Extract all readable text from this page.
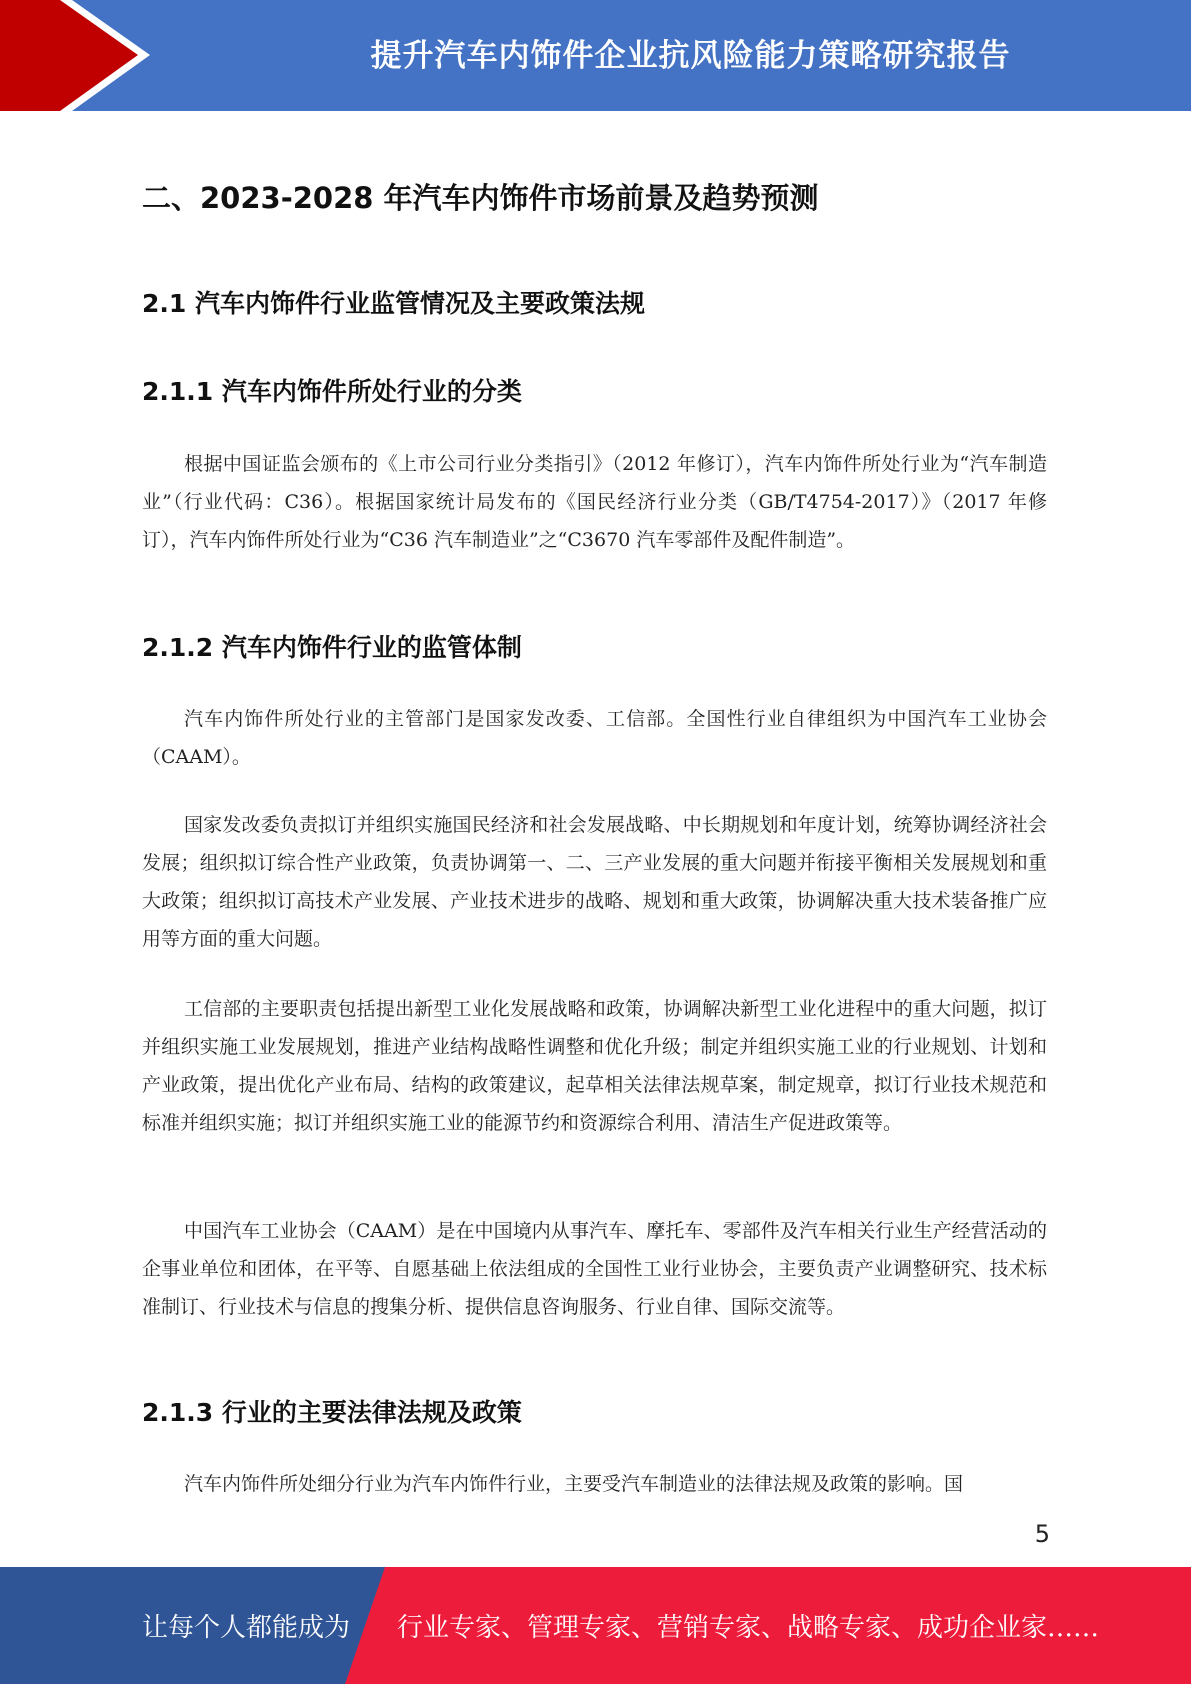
提升汽车内饰件企业抗风险能力策略研究报告
二、2023-2028 年汽车内饰件市场前景及趋势预测
2.1 汽车内饰件行业监管情况及主要政策法规
2.1.1 汽车内饰件所处行业的分类

根据中国证监会颁布的《上市公司行业分类指引》（2012 年修订），汽车内饰件所处行业为“汽车制造业”（行业代码：C36）。根据国家统计局发布的《国民经济行业分类（GB/T4754-2017）》（2017 年修订），汽车内饰件所处行业为“C36 汽车制造业”之“C3670 汽车零部件及配件制造”。

2.1.2 汽车内饰件行业的监管体制

汽车内饰件所处行业的主管部门是国家发改委、工信部。全国性行业自律组织为中国汽车工业协会（CAAM）。

国家发改委负责拟订并组织实施国民经济和社会发展战略、中长期规划和年度计划，统筹协调经济社会发展；组织拟订综合性产业政策，负责协调第一、二、三产业发展的重大问题并衔接平衡相关发展规划和重大政策；组织拟订高技术产业发展、产业技术进步的战略、规划和重大政策，协调解决重大技术装备推广应用等方面的重大问题。

工信部的主要职责包括提出新型工业化发展战略和政策，协调解决新型工业化进程中的重大问题，拟订并组织实施工业发展规划，推进产业结构战略性调整和优化升级；制定并组织实施工业的行业规划、计划和产业政策，提出优化产业布局、结构的政策建议，起草相关法律法规草案，制定规章，拟订行业技术规范和标准并组织实施；拟订并组织实施工业的能源节约和资源综合利用、清洁生产促进政策等。

中国汽车工业协会（CAAM）是在中国境内从事汽车、摩托车、零部件及汽车相关行业生产经营活动的企事业单位和团体，在平等、自愿基础上依法组成的全国性工业行业协会，主要负责产业调整研究、技术标准制订、行业技术与信息的搜集分析、提供信息咨询服务、行业自律、国际交流等。

2.1.3 行业的主要法律法规及政策

汽车内饰件所处细分行业为汽车内饰件行业，主要受汽车制造业的法律法规及政策的影响。国

5
让每个人都能成为 行业专家、管理专家、营销专家、战略专家、成功企业家……
